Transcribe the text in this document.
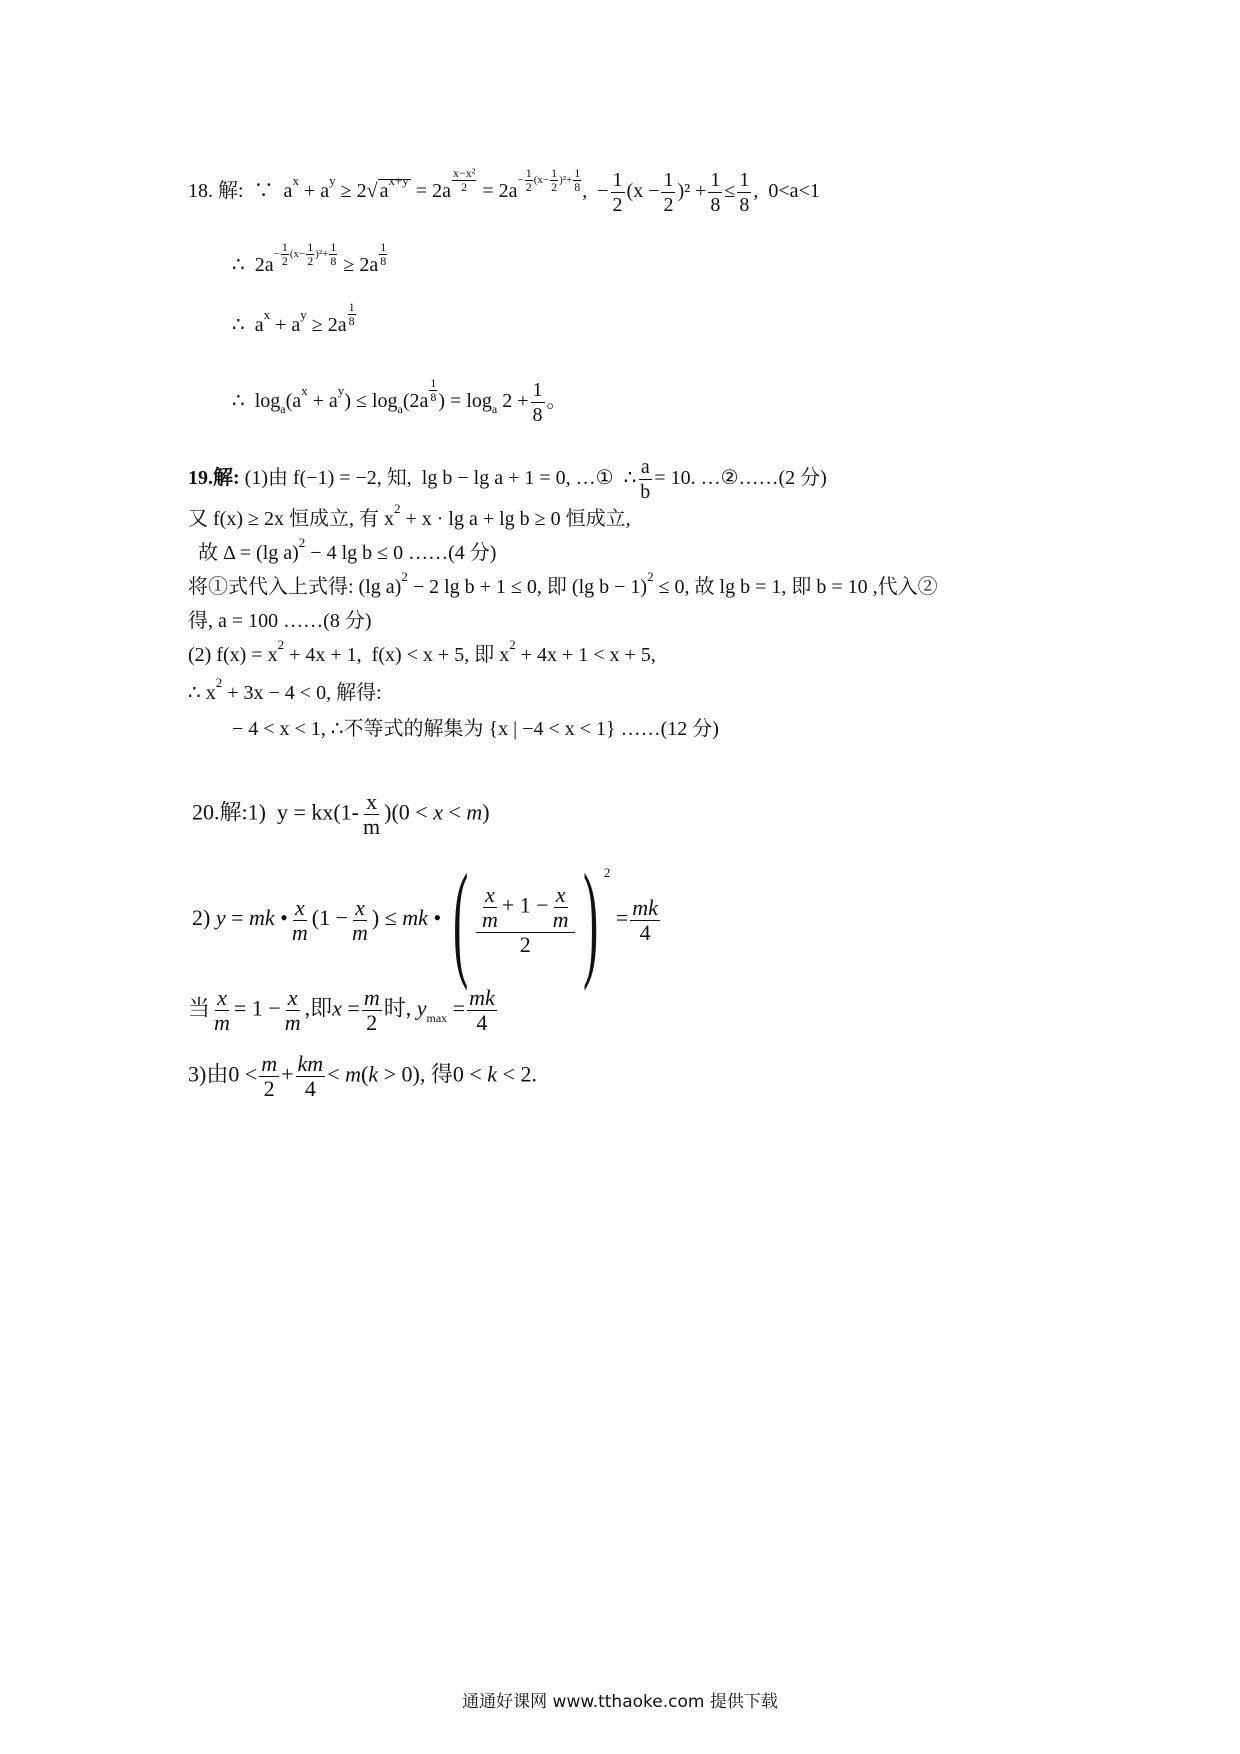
18. 解:  ∵  $a^x + a^y \ge 2√$ $a^{x+y} = 2a$ $^{\frac{\text{x−x²}}{2}} = 2a^{- \frac{1}{2} (x- \frac{1}{2} )^2+ \frac{1}{8}}$ ,  − $\frac{1}{2} (x - \frac{1}{2} )^2 + \frac{1}{8} \le \frac{1}{8}$ ,  0<a<1
∴  $2a^{- \frac{1}{2} (x- \frac{1}{2} )^2+ \frac{1}{8}} \ge 2a$ $^{\frac{1}{8}}$
∴  $a^x + a^y \ge 2a$ $^{\frac{1}{8}}$
∴  $\log_a(a^x + a^y) \le \log_a(2a$ $^{\frac{1}{8}}$ ) = $\log_a 2 + \frac{1}{8}$ 。
19.解: (1)由 f(−1) = −2, 知,  lg b − lg a + 1 = 0, …①  ∴ $\frac{a}{b} = 10$. …②……(2 分)
又 f(x) ≥ 2x 恒成立, 有 $x^2 + x \cdot \lg a + \lg b \ge 0$ 恒成立,
故 Δ = (lg a)$^2$ − 4 lg b ≤ 0 ……(4 分)
将①式代入上式得: (lg a)$^2$ − 2 lg b + 1 ≤ 0, 即 (lg b − 1)$^2$ ≤ 0, 故 lg b = 1, 即 b = 10 ,代入②
得, a = 100 ……(8 分)
(2) $f(x) = x^2 + 4x + 1$,  f(x) < x + 5, 即 $x^2 + 4x + 1 < x + 5$,
∴ $x^2 + 3x - 4 < 0$, 解得:
− 4 < x < 1, ∴不等式的解集为 {x | −4 < x < 1} ……(12 分)
20.解:1)  $y = kx(1- \frac{x}{m} )(0 < x < m)$
2) y = mk • $\frac{x}{m} (1 - \frac{x}{m}$ ) ≤ mk • ( $\frac{\frac{x}{m} + 1 - \frac{x}{m}}{2}$ ) $^2 = \frac{mk}{4}$
当 $\frac{x}{m} = 1 - \frac{x}{m}$ ,即$x = \frac{m}{2}$ 时, $y_{max} = \frac{mk}{4}$
3)由$0 < \frac{m}{2} + \frac{km}{4} < m(k > 0)$, 得0 < k < 2.
通通好课网 www.tthaoke.com 提供下载
